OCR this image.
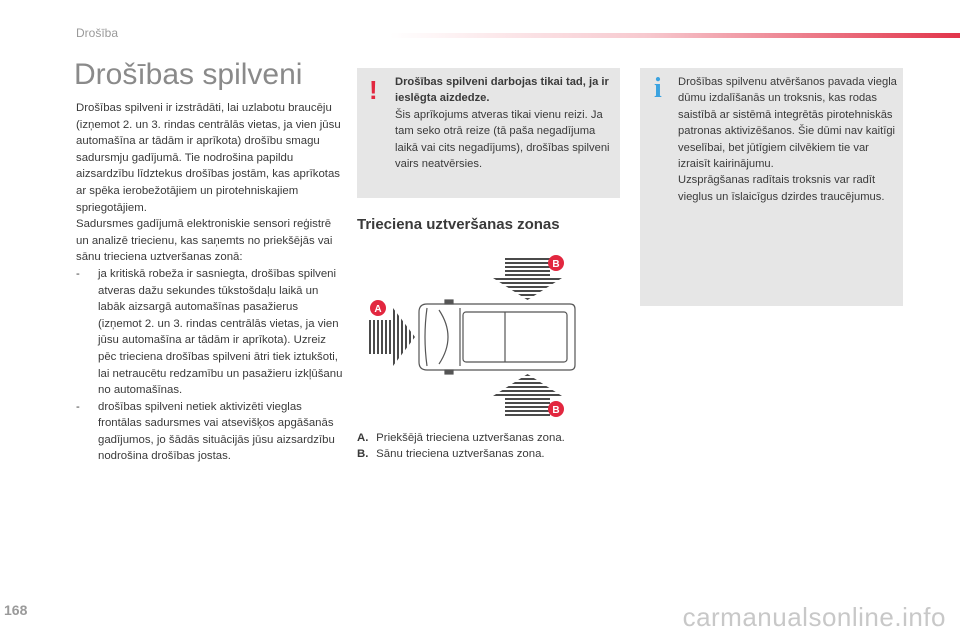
Drošība
Drošības spilveni

Drošības spilveni ir izstrādāti, lai uzlabotu braucēju (izņemot 2. un 3. rindas centrālās vietas, ja vien jūsu automašīna ar tādām ir aprīkota) drošību smagu sadursmju gadījumā. Tie nodrošina papildu aizsardzību līdztekus drošības jostām, kas aprīkotas ar spēka ierobežotājiem un pirotehniskajiem spriegotājiem.

Sadursmes gadījumā elektroniskie sensori reģistrē un analizē triecienu, kas saņemts no priekšējās vai sānu trieciena uztveršanas zonā:

-	ja kritiskā robeža ir sasniegta, drošības spilveni atveras dažu sekundes tūkstošdaļu laikā un labāk aizsargā automašīnas pasažierus (izņemot 2. un 3. rindas centrālās vietas, ja vien jūsu automašīna ar tādām ir aprīkota). Uzreiz pēc trieciena drošības spilveni ātri tiek iztukšoti, lai netraucētu redzamību un pasažieru izkļūšanu no automašīnas.
-	drošības spilveni netiek aktivizēti vieglas frontālas sadursmes vai atsevišķos apgāšanās gadījumos, jo šādās situācijās jūsu aizsardzību nodrošina drošības jostas.
! Drošības spilveni darbojas tikai tad, ja ir ieslēgta aizdedze.
Šis aprīkojums atveras tikai vienu reizi. Ja tam seko otrā reize (tā paša negadījuma laikā vai cits negadījums), drošības spilveni vairs neatvērsies.
i Drošības spilvenu atvēršanos pavada viegla dūmu izdalīšanās un troksnis, kas rodas saistībā ar sistēmā integrētās pirotehniskās patronas aktivizēšanos. Šie dūmi nav kaitīgi veselībai, bet jūtīgiem cilvēkiem tie var izraisīt kairinājumu.
Uzsprāgšanas radītais troksnis var radīt vieglus un īslaicīgus dzirdes traucējumus.
Trieciena uztveršanas zonas
B
A
B
A. Priekšējā trieciena uztveršanas zona.
B. Sānu trieciena uztveršanas zona.
168	carmanualsonline.info
